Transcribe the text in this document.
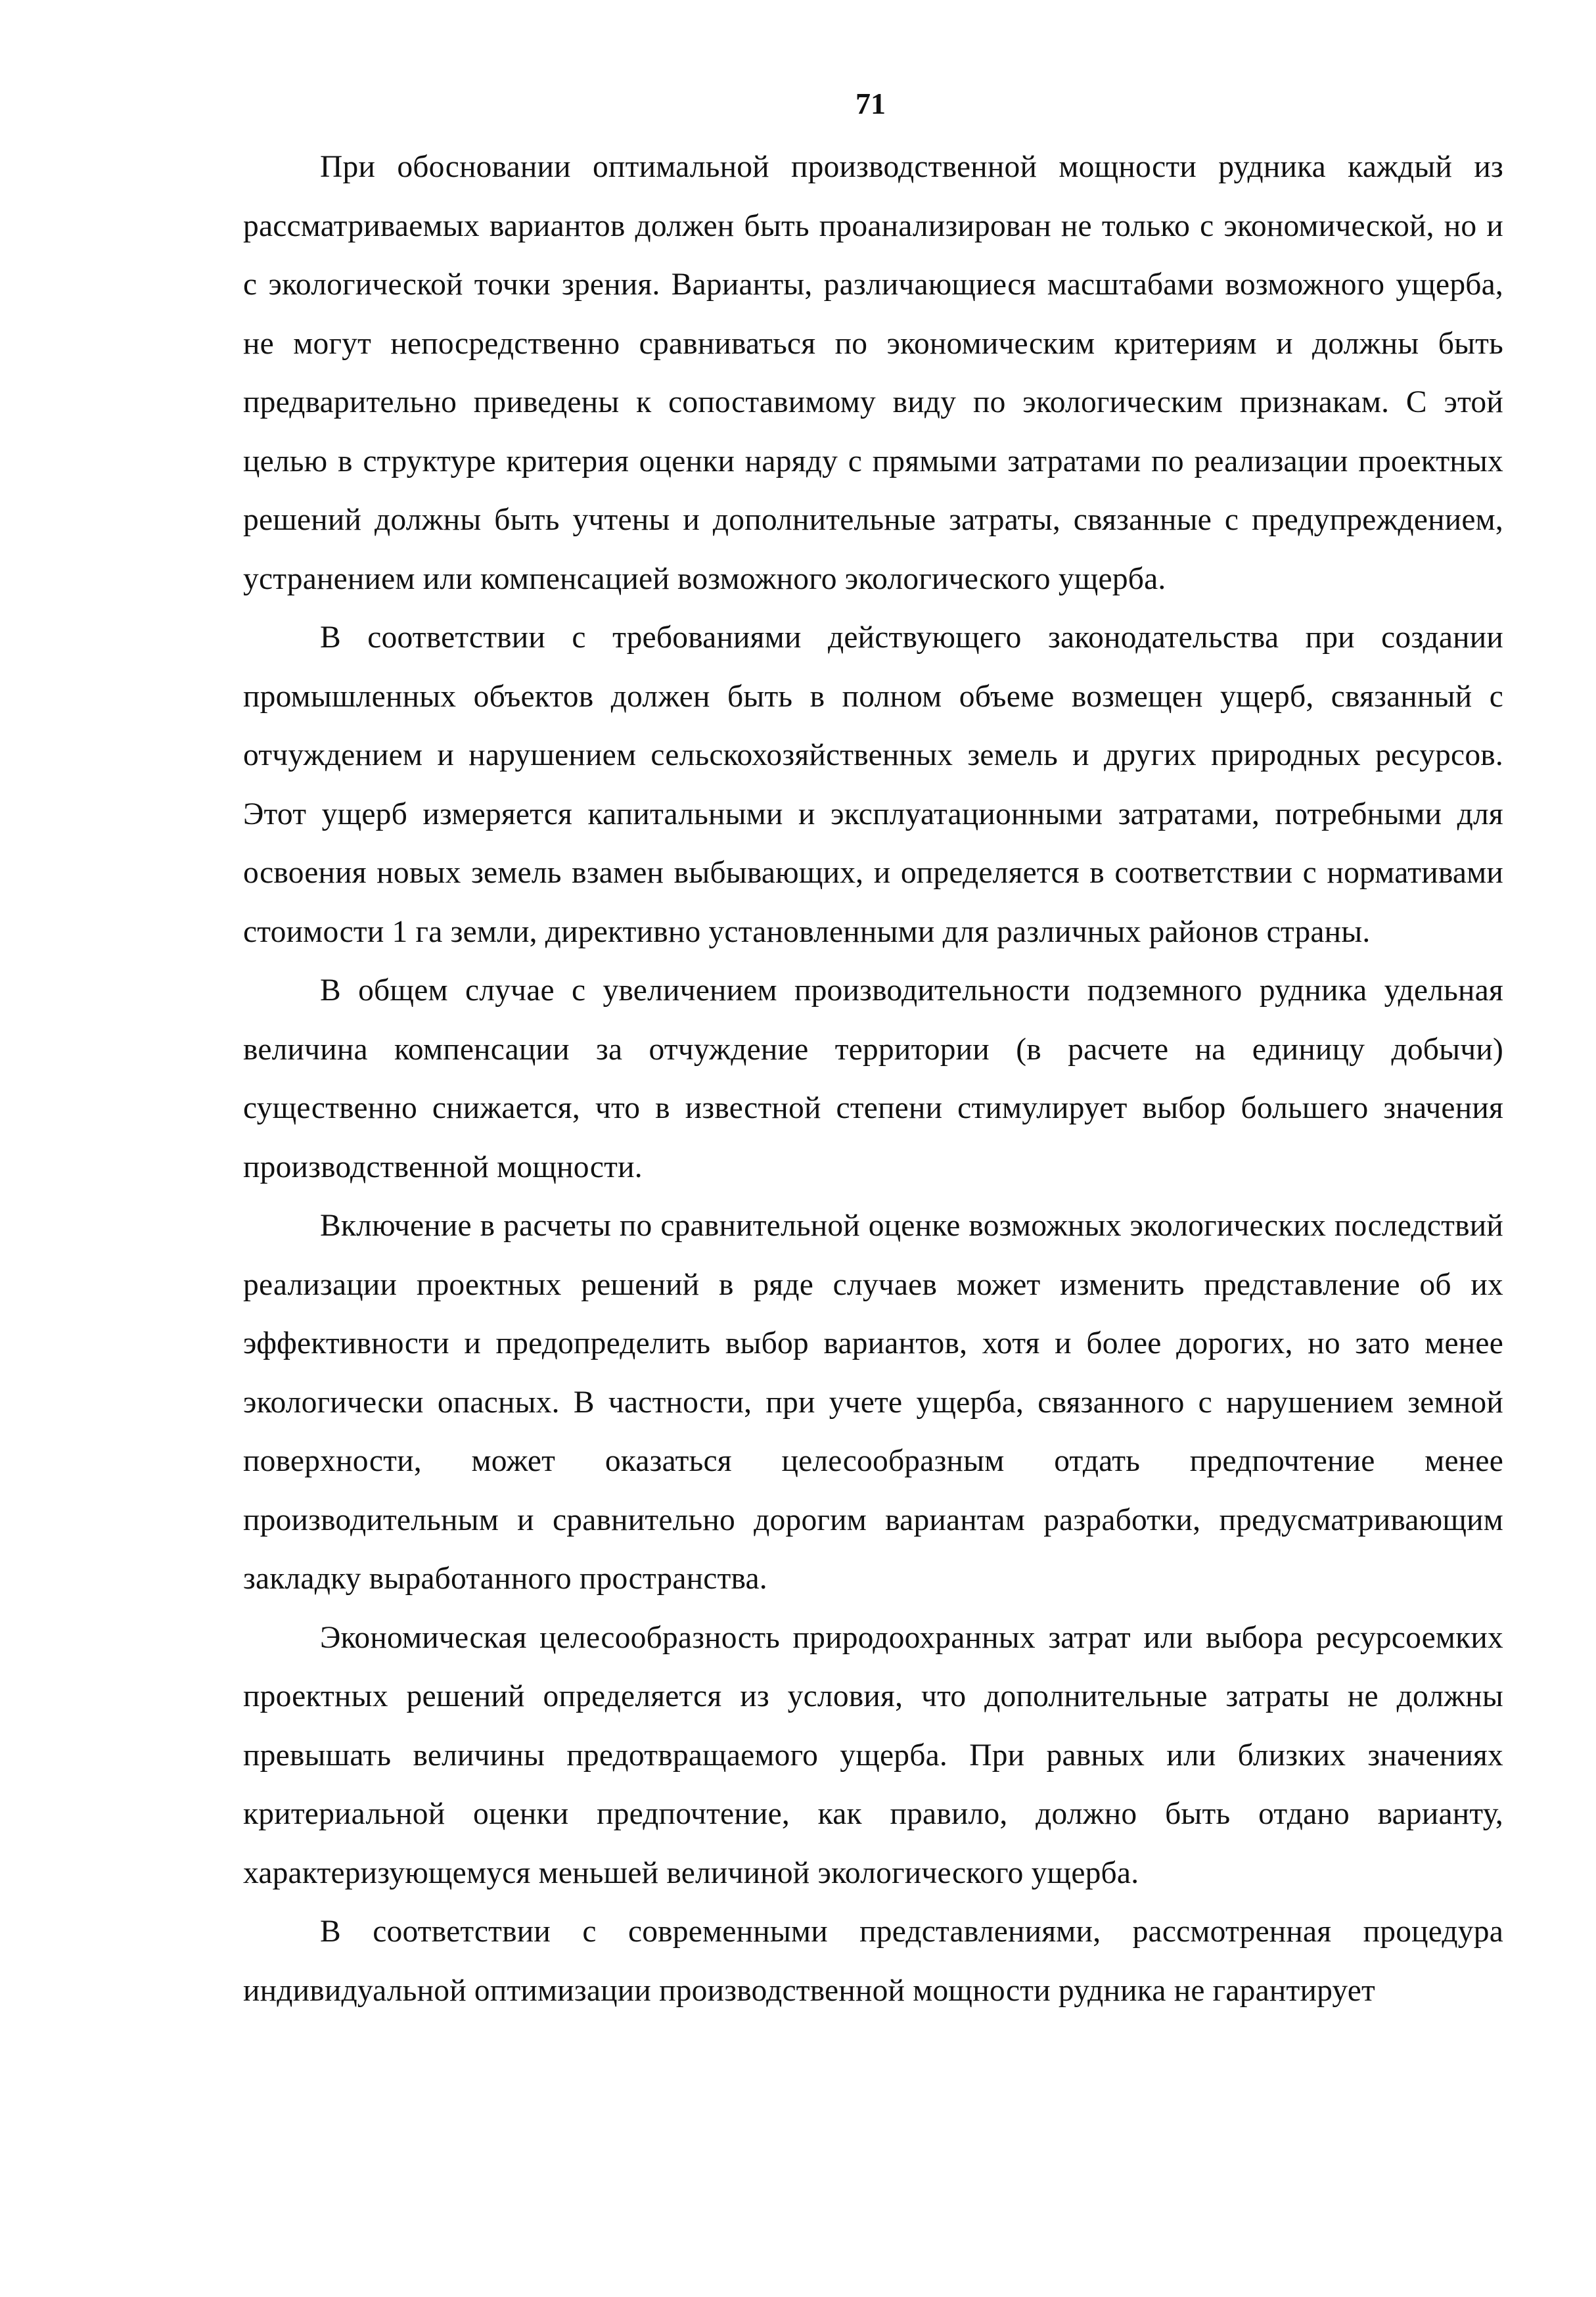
71

При обосновании оптимальной производственной мощности рудника каждый из рассматриваемых вариантов должен быть проанализирован не только с экономической, но и с экологической точки зрения. Варианты, различающиеся масштабами возможного ущерба, не могут непосредственно сравниваться по экономическим критериям и должны быть предварительно приведены к сопоставимому виду по экологическим признакам. С этой целью в структуре критерия оценки наряду с прямыми затратами по реализации проектных решений должны быть учтены и дополнительные затраты, связанные с предупреждением, устранением или компенсацией возможного экологического ущерба.

В соответствии с требованиями действующего законодательства при создании промышленных объектов должен быть в полном объеме возмещен ущерб, связанный с отчуждением и нарушением сельскохозяйственных земель и других природных ресурсов. Этот ущерб измеряется капитальными и эксплуатационными затратами, потребными для освоения новых земель взамен выбывающих, и определяется в соответствии с нормативами стоимости 1 га земли, директивно установленными для различных районов страны.

В общем случае с увеличением производительности подземного рудника удельная величина компенсации за отчуждение территории (в расчете на единицу добычи) существенно снижается, что в известной степени стимулирует выбор большего значения производственной мощности.

Включение в расчеты по сравнительной оценке возможных экологических последствий реализации проектных решений в ряде случаев может изменить представление об их эффективности и предопределить выбор вариантов, хотя и более дорогих, но зато менее экологически опасных. В частности, при учете ущерба, связанного с нарушением земной поверхности, может оказаться целесообразным отдать предпочтение менее производительным и сравнительно дорогим вариантам разработки, предусматривающим закладку выработанного пространства.

Экономическая целесообразность природоохранных затрат или выбора ресурсоемких проектных решений определяется из условия, что дополнительные затраты не должны превышать величины предотвращаемого ущерба. При равных или близких значениях критериальной оценки предпочтение, как правило, должно быть отдано варианту, характеризующемуся меньшей величиной экологического ущерба.

В соответствии с современными представлениями, рассмотренная процедура индивидуальной оптимизации производственной мощности рудника не гарантирует
